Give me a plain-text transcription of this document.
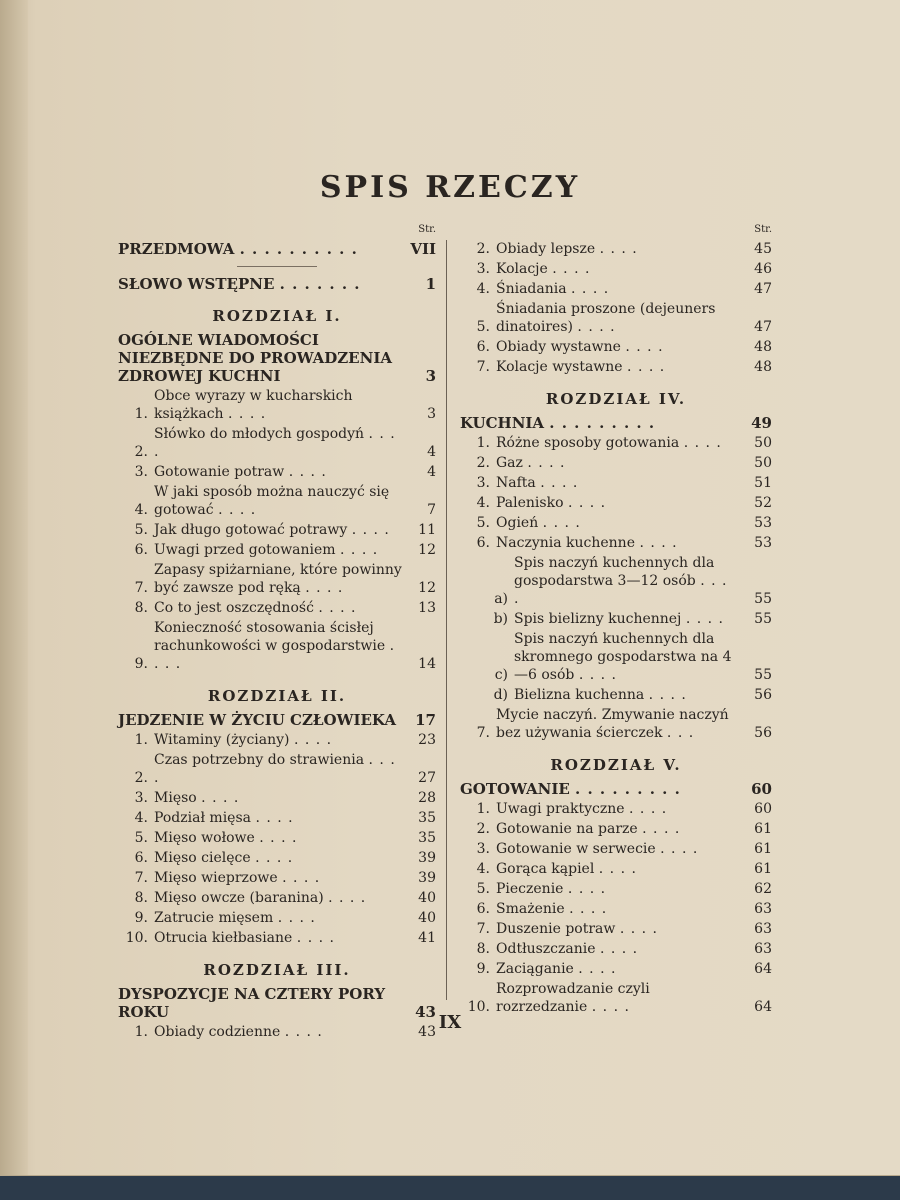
SPIS RZECZY
Str.
PRZEDMOWA . . . . . . . . . .	VII
SŁOWO WSTĘPNE . . . . . . .	1
ROZDZIAŁ I.
OGÓLNE WIADOMOŚCI NIEZBĘDNE DO PROWADZENIA ZDROWEJ KUCHNI	3
1.
Obce wyrazy w kucharskich książkach . . . .	3
2.
Słówko do młodych gospodyń . . . .	4
3. Gotowanie potraw . . . .	4
4.
W jaki sposób można nauczyć się gotować . . . .	7
5. Jak długo gotować potrawy . . . .	11
6. Uwagi przed gotowaniem . . . .	12
7.
Zapasy spiżarniane, które powinny być zawsze pod ręką . . . .	12
8. Co to jest oszczędność . . . .	13
9.
Konieczność stosowania ścisłej rachunkowości w gospodarstwie . . . .	14
ROZDZIAŁ II.
JEDZENIE W ŻYCIU CZŁOWIEKA	17
1. Witaminy (życiany) . . . .	23
2.
Czas potrzebny do strawienia . . . .	27
3. Mięso . . . .	28
4. Podział mięsa . . . .	35
5. Mięso wołowe . . . .	35
6. Mięso cielęce . . . .	39
7. Mięso wieprzowe . . . .	39
8. Mięso owcze (baranina) . . . .	40
9. Zatrucie mięsem . . . .	40
10. Otrucia kiełbasiane . . . .	41
ROZDZIAŁ III.
DYSPOZYCJE NA CZTERY PORY ROKU	43
1. Obiady codzienne . . . .	43
Str.
2. Obiady lepsze . . . .	45
3. Kolacje . . . .	46
4. Śniadania . . . .	47
5.
Śniadania proszone (dejeuners dinatoires) . . . .	47
6. Obiady wystawne . . . .	48
7. Kolacje wystawne . . . .	48
ROZDZIAŁ IV.
KUCHNIA . . . . . . . . .	49
1. Różne sposoby gotowania . . . .	50
2. Gaz . . . .	50
3. Nafta . . . .	51
4. Palenisko . . . .	52
5. Ogień . . . .	53
6. Naczynia kuchenne . . . .	53
a)
Spis naczyń kuchennych dla gospodarstwa 3—12 osób . . . .	55
b) Spis bielizny kuchennej . . . .	55
c)
Spis naczyń kuchennych dla skromnego gospodarstwa na 4—6 osób . . . .	55
d) Bielizna kuchenna . . . .	56
7.
Mycie naczyń. Zmywanie naczyń bez używania ścierczek . . .	56
ROZDZIAŁ V.
GOTOWANIE . . . . . . . . .	60
1. Uwagi praktyczne . . . .	60
2. Gotowanie na parze . . . .	61
3. Gotowanie w serwecie . . . .	61
4. Gorąca kąpiel . . . .	61
5. Pieczenie . . . .	62
6. Smażenie . . . .	63
7. Duszenie potraw . . . .	63
8. Odtłuszczanie . . . .	63
9. Zaciąganie . . . .	64
10.
Rozprowadzanie czyli rozrzedzanie . . . .	64
IX
